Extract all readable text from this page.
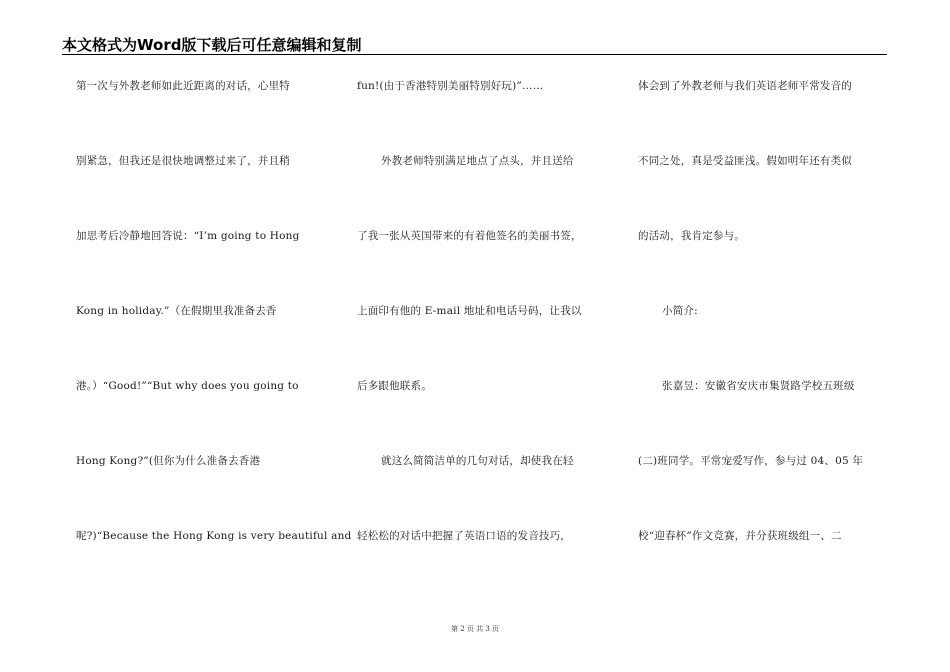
本文格式为Word版下载后可任意编辑和复制
第一次与外教老师如此近距离的对话，心里特
别紧急，但我还是很快地调整过来了，并且稍
加思考后冷静地回答说：“I’m going to Hong
Kong in holiday.”（在假期里我准备去香
港。）“Good!”“But why does you going to
Hong Kong?”(但你为什么准备去香港
呢?)“Because the Hong Kong is very beautiful and
fun!(由于香港特别美丽特别好玩)”……
外教老师特别满足地点了点头，并且送给
了我一张从英国带来的有着他签名的美丽书签，
上面印有他的 E-mail 地址和电话号码，让我以
后多跟他联系。
就这么简简洁单的几句对话，却使我在轻
轻松松的对话中把握了英语口语的发音技巧，
体会到了外教老师与我们英语老师平常发音的
不同之处，真是受益匪浅。假如明年还有类似
的活动，我肯定参与。
小简介:
张嘉昱：安徽省安庆市集贤路学校五班级
(二)班同学。平常宠爱写作，参与过 04、05 年
校“迎春杯”作文竞赛，并分获班级组一、二
第 2 页 共 3 页
